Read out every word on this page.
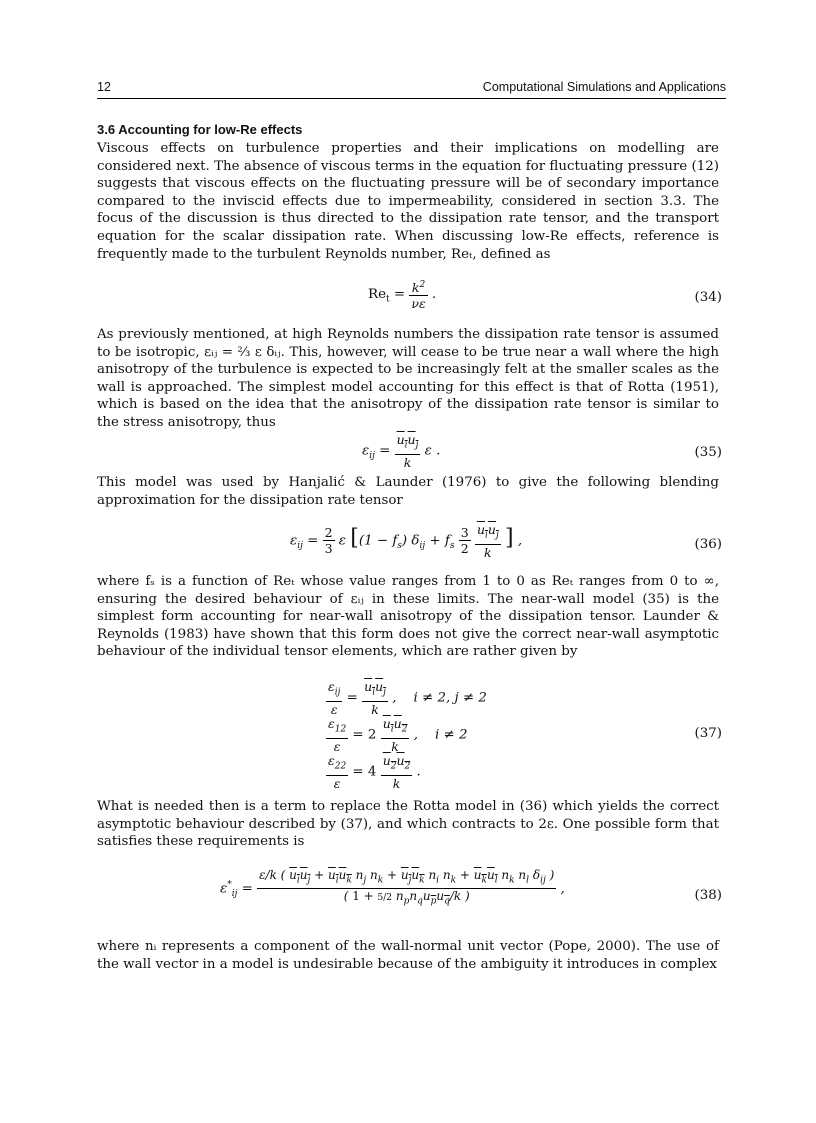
12	Computational Simulations and Applications
3.6 Accounting for low-Re effects

Viscous effects on turbulence properties and their implications on modelling are considered next. The absence of viscous terms in the equation for fluctuating pressure (12) suggests that viscous effects on the fluctuating pressure will be of secondary importance compared to the inviscid effects due to impermeability, considered in section 3.3. The focus of the discussion is thus directed to the dissipation rate tensor, and the transport equation for the scalar dissipation rate. When discussing low-Re effects, reference is frequently made to the turbulent Reynolds number, Reₜ, defined as

$Re_t = \frac{k^2}{\nu\varepsilon}$ .	(34)

As previously mentioned, at high Reynolds numbers the dissipation rate tensor is assumed to be isotropic, εᵢⱼ = ⅔ ε δᵢⱼ. This, however, will cease to be true near a wall where the high anisotropy of the turbulence is expected to be increasingly felt at the smaller scales as the wall is approached. The simplest model accounting for this effect is that of Rotta (1951), which is based on the idea that the anisotropy of the dissipation rate tensor is similar to the stress anisotropy, thus

$\varepsilon_{ij} = \frac{u_iu_j}{k}$ ε .	(35)

This model was used by Hanjalić & Launder (1976) to give the following blending approximation for the dissipation rate tensor

$\varepsilon_{ij} = \frac{2}{3}$ ε [$(1 - f_s)$ $\delta_{ij} + f_s \frac{3}{2}$
$\frac{u_iu_j}{k}$ ] ,	(36)

where fₛ is a function of Reₜ whose value ranges from 1 to 0 as Reₜ ranges from 0 to ∞, ensuring the desired behaviour of εᵢⱼ in these limits. The near-wall model (35) is the simplest form accounting for near-wall anisotropy of the dissipation tensor. Launder & Reynolds (1983) have shown that this form does not give the correct near-wall asymptotic behaviour of the individual tensor elements, which are rather given by

$\frac{\varepsilon_{ij}}{\varepsilon} = \frac{u_iu_j}{k}$ ,    i ≠ 2, j ≠ 2
$\frac{\varepsilon_{12}}{\varepsilon} = 2 \frac{u_iu_2}{k}$ ,    i ≠ 2
$\frac{\varepsilon_{22}}{\varepsilon} = 4 \frac{u_2u_2}{k}$ .
(37)

What is needed then is a term to replace the Rotta model in (36) which yields the correct asymptotic behaviour described by (37), and which contracts to 2ε. One possible form that satisfies these requirements is

$\varepsilon^*_{ij} = \frac{\varepsilon/k ( u_iu_j + u_iu_k n_j n_k + u_ju_k n_i n_k + u_ku_l n_k n_l \delta_{ij} )}{( 1 + 5/2 n_pn_qu_pu_q/k )}$ ,	(38)

where nᵢ represents a component of the wall-normal unit vector (Pope, 2000). The use of the wall vector in a model is undesirable because of the ambiguity it introduces in complex
